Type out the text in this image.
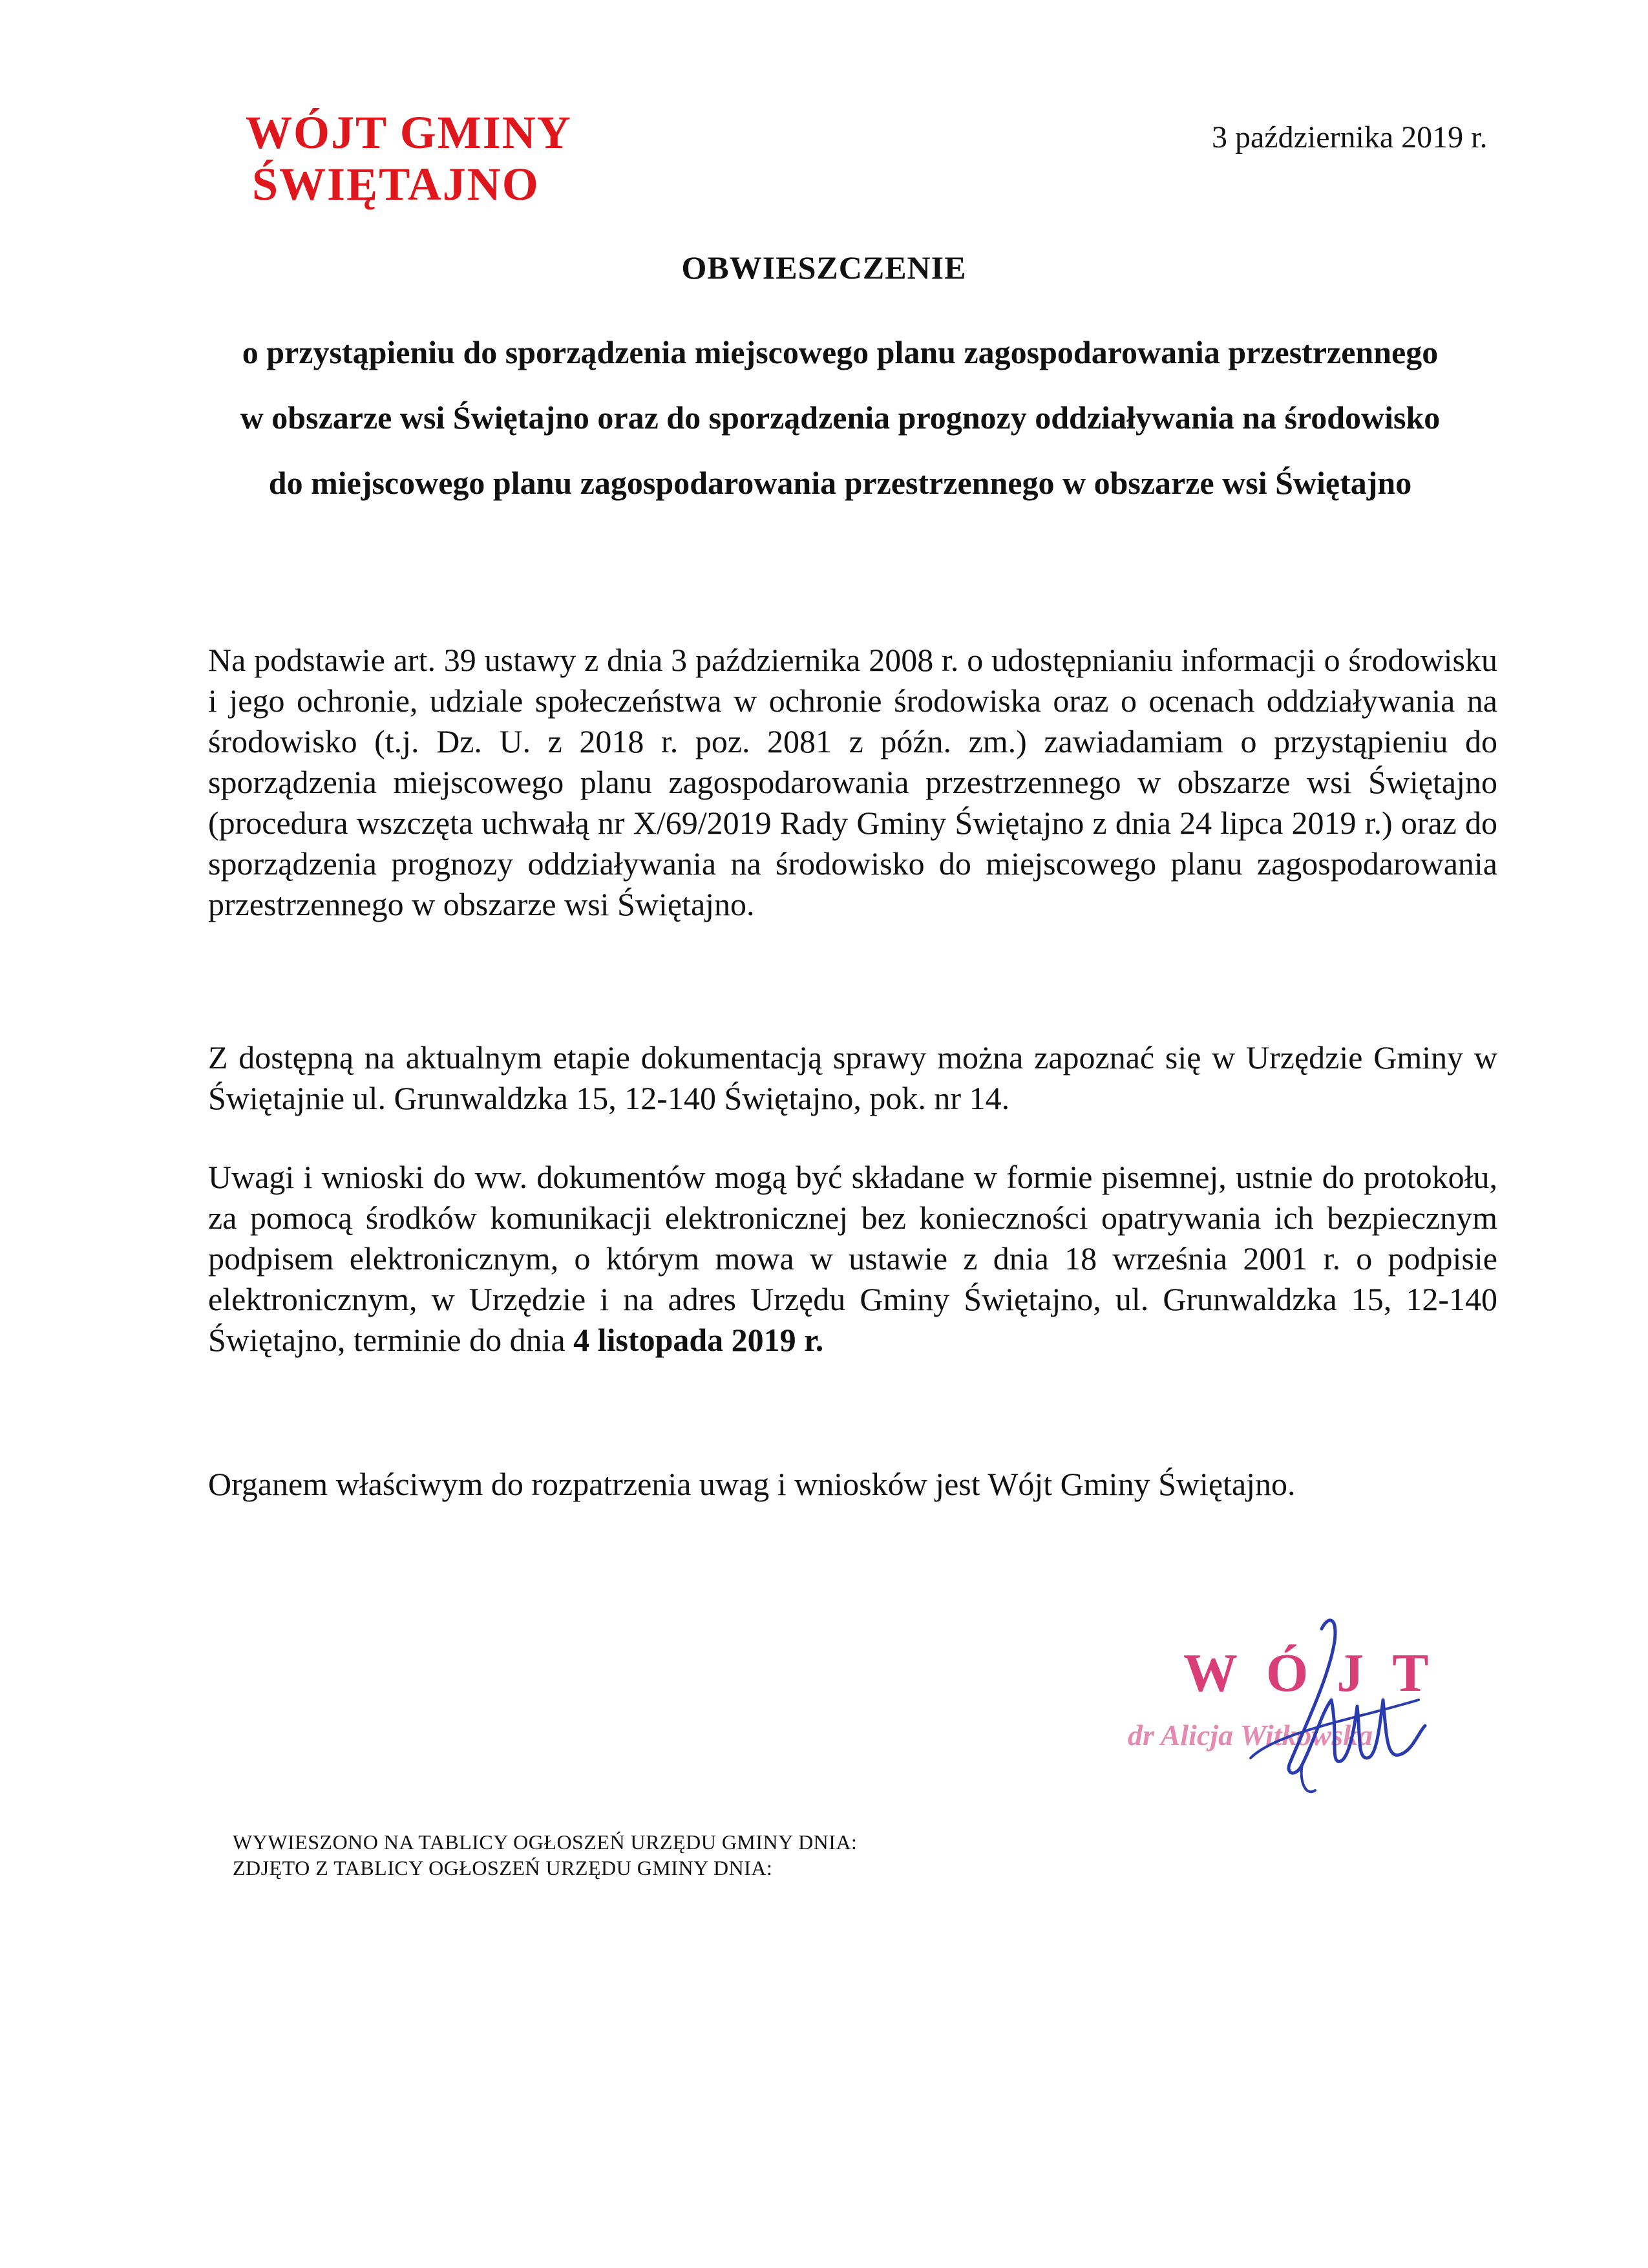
WÓJT GMINY
ŚWIĘTAJNO
3 października 2019 r.
OBWIESZCZENIE
o przystąpieniu do sporządzenia miejscowego planu zagospodarowania przestrzennego w obszarze wsi Świętajno oraz do sporządzenia prognozy oddziaływania na środowisko do miejscowego planu zagospodarowania przestrzennego w obszarze wsi Świętajno
Na podstawie art. 39 ustawy z dnia 3 października 2008 r. o udostępnianiu informacji o środowisku i jego ochronie, udziale społeczeństwa w ochronie środowiska oraz o ocenach oddziaływania na środowisko (t.j. Dz. U. z 2018 r. poz. 2081 z późn. zm.) zawiadamiam o przystąpieniu do sporządzenia miejscowego planu zagospodarowania przestrzennego w obszarze wsi Świętajno (procedura wszczęta uchwałą nr X/69/2019 Rady Gminy Świętajno z dnia 24 lipca 2019 r.) oraz do sporządzenia prognozy oddziaływania na środowisko do miejscowego planu zagospodarowania przestrzennego w obszarze wsi Świętajno.
Z dostępną na aktualnym etapie dokumentacją sprawy można zapoznać się w Urzędzie Gminy w Świętajnie ul. Grunwaldzka 15, 12-140 Świętajno, pok. nr 14.
Uwagi i wnioski do ww. dokumentów mogą być składane w formie pisemnej, ustnie do protokołu, za pomocą środków komunikacji elektronicznej bez konieczności opatrywania ich bezpiecznym podpisem elektronicznym, o którym mowa w ustawie z dnia 18 września 2001 r. o podpisie elektronicznym, w Urzędzie i na adres Urzędu Gminy Świętajno, ul. Grunwaldzka 15, 12-140 Świętajno, terminie do dnia 4 listopada 2019 r.
Organem właściwym do rozpatrzenia uwag i wniosków jest Wójt Gminy Świętajno.
WÓJT
dr Alicja Witkowska
WYWIESZONO NA TABLICY OGŁOSZEŃ URZĘDU GMINY DNIA:
ZDJĘTO Z TABLICY OGŁOSZEŃ URZĘDU GMINY DNIA:
